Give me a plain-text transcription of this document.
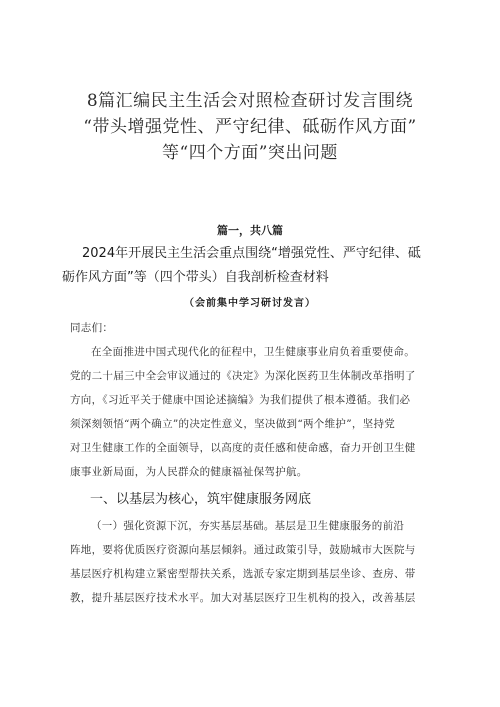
8篇汇编民主生活会对照检查研讨发言围绕
“带头增强党性、严守纪律、砥砺作风方面”
等“四个方面”突出问题
篇一，共八篇
2024年开展民主生活会重点围绕“增强党性、严守纪律、砥
砺作风方面”等（四个带头）自我剖析检查材料
（会前集中学习研讨发言）
同志们：
在全面推进中国式现代化的征程中，卫生健康事业肩负着重要使命。
党的二十届三中全会审议通过的《决定》为深化医药卫生体制改革指明了
方向，《习近平关于健康中国论述摘编》为我们提供了根本遵循。我们必
须深刻领悟“两个确立”的决定性意义，坚决做到“两个维护”，坚持党
对卫生健康工作的全面领导，以高度的责任感和使命感，奋力开创卫生健
康事业新局面，为人民群众的健康福祉保驾护航。
一、以基层为核心，筑牢健康服务网底
（一）强化资源下沉，夯实基层基础。基层是卫生健康服务的前沿
阵地，要将优质医疗资源向基层倾斜。通过政策引导，鼓励城市大医院与
基层医疗机构建立紧密型帮扶关系，选派专家定期到基层坐诊、查房、带
教，提升基层医疗技术水平。加大对基层医疗卫生机构的投入，改善基层
